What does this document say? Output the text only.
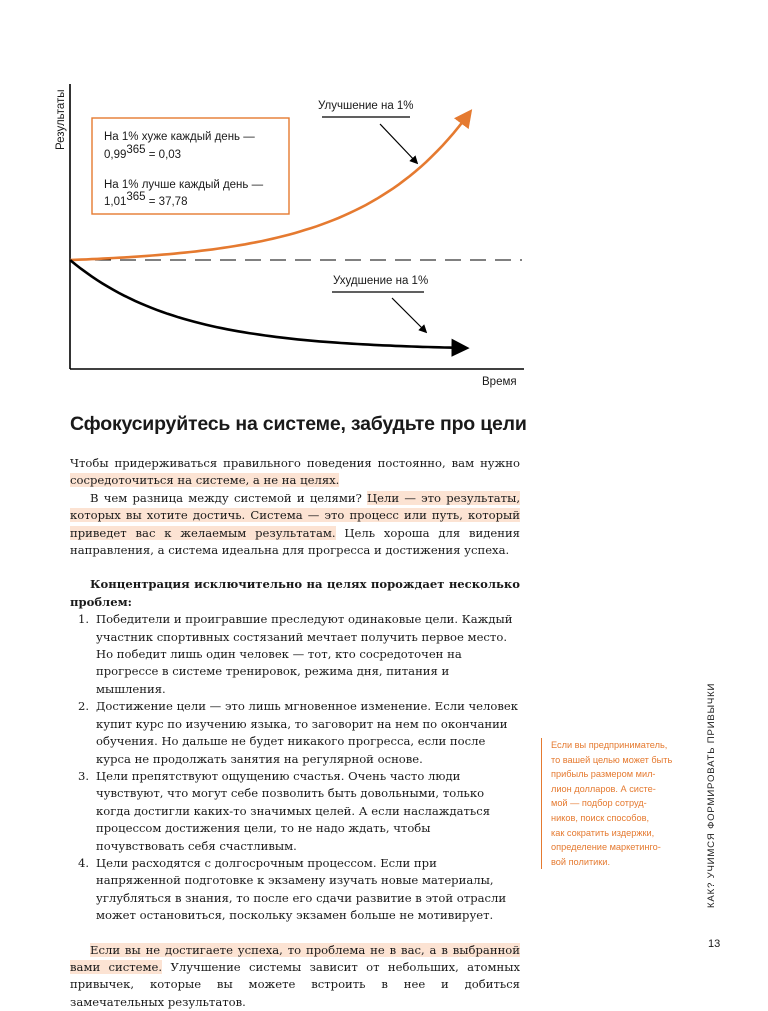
Результаты
Время
На 1% хуже каждый день —
0,99365 = 0,03
На 1% лучше каждый день —
1,01365 = 37,78
Улучшение на 1%
Ухудшение на 1%
Сфокусируйтесь на системе, забудьте про цели

Чтобы придерживаться правильного поведения постоянно, вам нужно сосредоточиться на системе, а не на целях.

В чем разница между системой и целями? Цели — это результаты, которых вы хотите достичь. Система — это процесс или путь, который приведет вас к желаемым результатам. Цель хороша для видения направления, а система идеальна для прогресса и достижения успеха.

Концентрация исключительно на целях порождает несколько проблем:

1. Победители и проигравшие преследуют одинаковые цели. Каждый участник спортивных состязаний мечтает получить первое место. Но победит лишь один человек — тот, кто сосредоточен на прогрессе в системе тренировок, режима дня, питания и мышления.
2. Достижение цели — это лишь мгновенное изменение. Если человек купит курс по изучению языка, то заговорит на нем по окончании обучения. Но дальше не будет никакого прогресса, если после курса не продолжать занятия на регулярной основе.
3. Цели препятствуют ощущению счастья. Очень часто люди чувствуют, что могут себе позволить быть довольными, только когда достигли каких-то значимых целей. А если наслаждаться процессом достижения цели, то не надо ждать, чтобы почувствовать себя счастливым.
4. Цели расходятся с долгосрочным процессом. Если при напряженной подготовке к экзамену изучать новые материалы, углубляться в знания, то после его сдачи развитие в этой отрасли может остановиться, поскольку экзамен больше не мотивирует.

Если вы не достигаете успеха, то проблема не в вас, а в выбранной вами системе. Улучшение системы зависит от небольших, атомных привычек, которые вы можете встроить в нее и добиться замечательных результатов.

Если вы предприниматель,
то вашей целью может быть
прибыль размером мил-
лион долларов. А систе-
мой — подбор сотруд-
ников, поиск способов,
как сократить издержки,
определение маркетинго-
вой политики.	КАК? УЧИМСЯ ФОРМИРОВАТЬ ПРИВЫЧКИ
13
